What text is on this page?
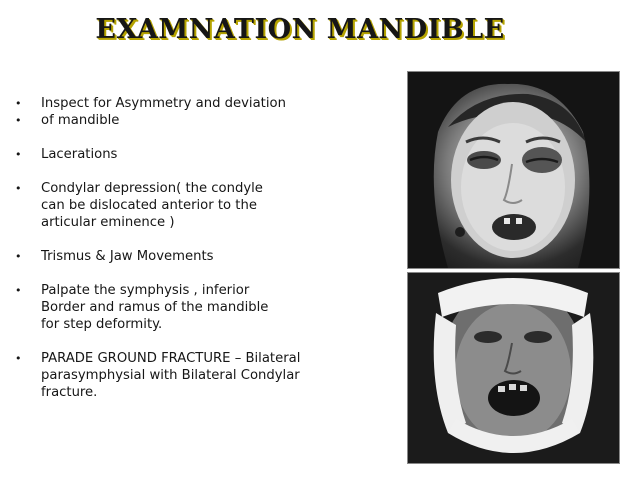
EXAMNATION MANDIBLE
• Inspect for Asymmetry and deviation
• of mandible
• Lacerations
• Condylar depression( the condyle
can be dislocated anterior to the
articular eminence )
• Trismus & Jaw Movements
• Palpate the symphysis , inferior
Border and ramus of the mandible
for step deformity.
• PARADE GROUND FRACTURE – Bilateral
parasymphysial with Bilateral Condylar
fracture.
